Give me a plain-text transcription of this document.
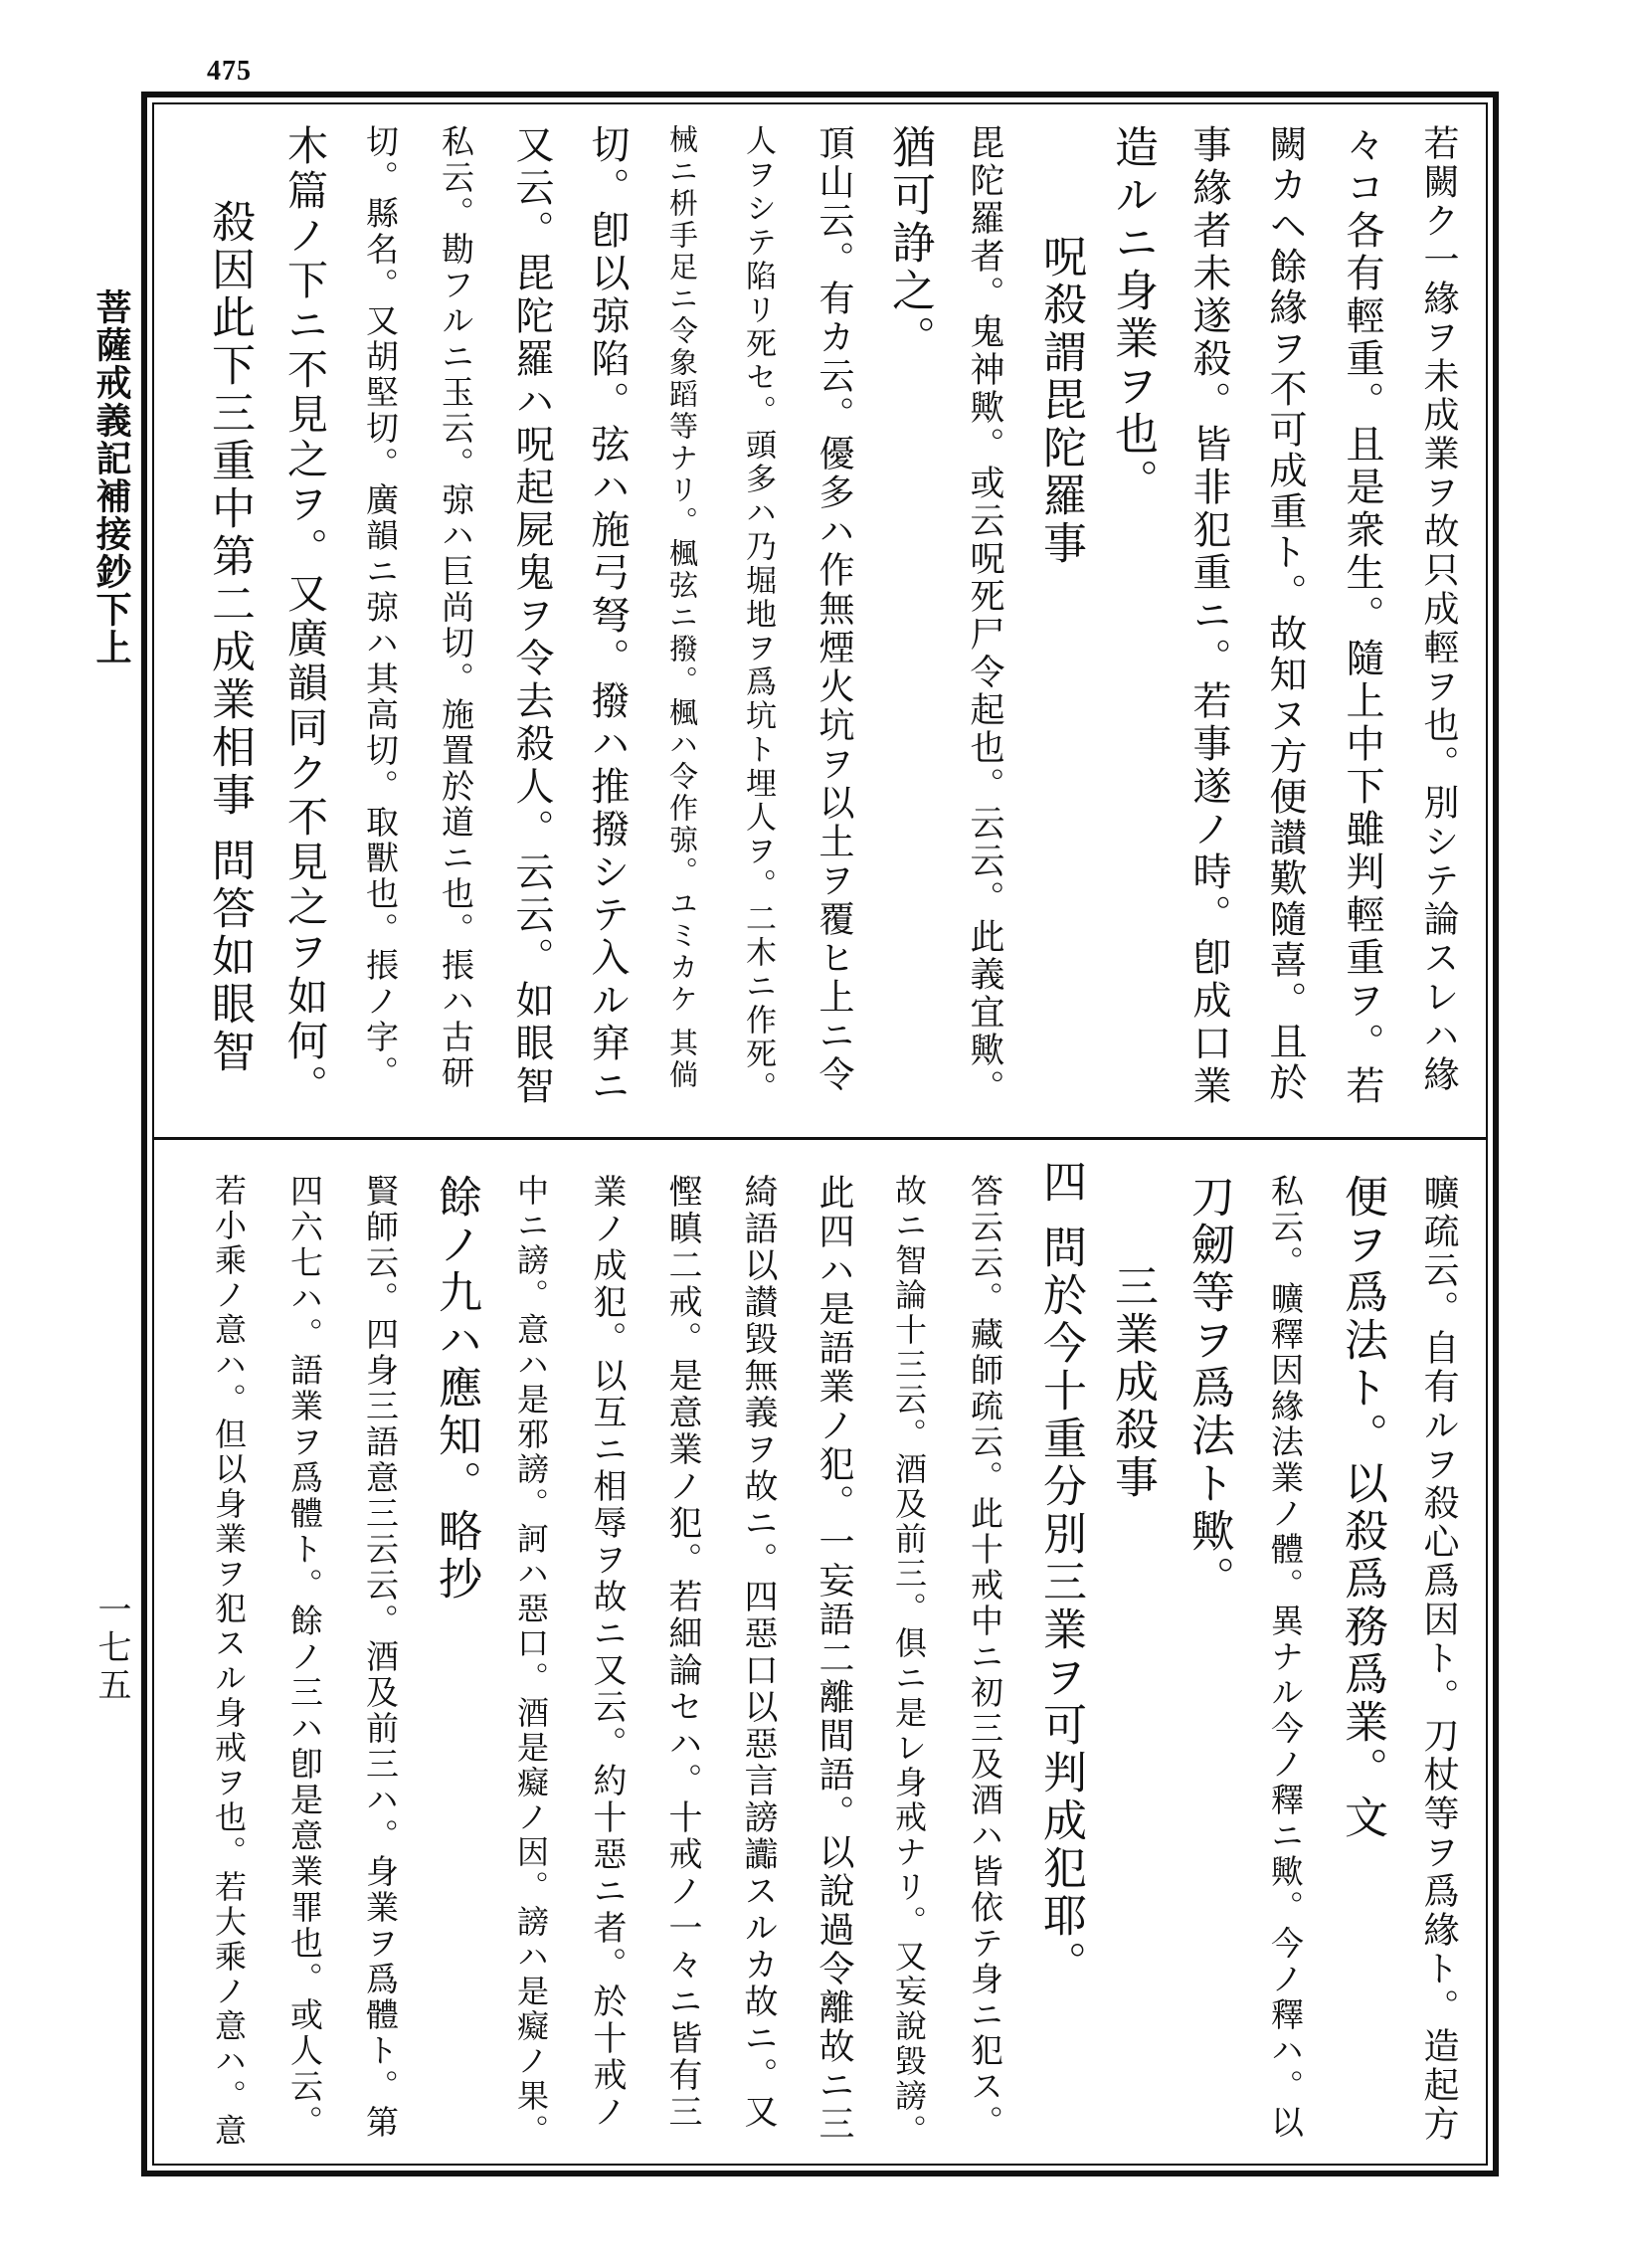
475
菩薩戒義記補接鈔下上
一七五
若闕ク一緣ヲ未成業ヲ故只成輕ヲ也。別シテ論スレハ緣
々コ各有輕重。且是衆生。隨上中下雖判輕重ヲ。若
闕カヘ餘緣ヲ不可成重ト。故知ヌ方便讃歎隨喜。且於
事緣者未遂殺。皆非犯重ニ。若事遂ノ時。卽成口業
造ルニ身業ヲ也。
呪殺謂毘陀羅事
毘陀羅者。鬼神歟。或云呪死尸令起也。云云。此義宜歟。
猶可諍之。
頂山云。有カ云。優多ハ作無煙火坑ヲ以土ヲ覆ヒ上ニ令
人ヲシテ陷リ死セ。頭多ハ乃堀地ヲ爲坑ト埋人ヲ。二木ニ作死。
械ニ枡手足ニ令象蹈等ナリ。楓弦ニ撥。楓ハ令作弶。ユミカケ 其倘
切。卽以弶陷。弦ハ施弓弩。撥ハ推撥シテ入ル穽ニ
又云。毘陀羅ハ呪起屍鬼ヲ令去殺人。云云。如眼智
私云。勘フルニ玉云。弶ハ巨尚切。施置於道ニ也。掁ハ古研
切。縣名。又胡堅切。廣韻ニ弶ハ其高切。取獸也。掁ノ字。
木篇ノ下ニ不見之ヲ。又廣韻同ク不見之ヲ如何。
殺因此下三重中第二成業相事 問答如眼智
曠疏云。自有ルヲ殺心爲因ト。刀杖等ヲ爲緣ト。造起方
便ヲ爲法ト。以殺爲務爲業。文
私云。曠釋因緣法業ノ體。異ナル今ノ釋ニ歟。今ノ釋ハ。以
刀劒等ヲ爲法ト歟。
三業成殺事
四 問於今十重分別三業ヲ可判成犯耶。
答云云。藏師疏云。此十戒中ニ初三及酒ハ皆依テ身ニ犯ス。
故ニ智論十三云。酒及前三。俱ニ是レ身戒ナリ。又妄說毀謗。
此四ハ是語業ノ犯。一妄語二離間語。以說過令離故ニ三
綺語以讃毀無義ヲ故ニ。四惡口以惡言謗讟スルカ故ニ。又
慳瞋二戒。是意業ノ犯。若細論セハ。十戒ノ一々ニ皆有三
業ノ成犯。以互ニ相辱ヲ故ニ又云。約十惡ニ者。於十戒ノ
中ニ謗。意ハ是邪謗。訶ハ惡口。酒是癡ノ因。謗ハ是癡ノ果。
餘ノ九ハ應知。略抄
賢師云。四身三語意三云云。酒及前三ハ。身業ヲ爲體ト。第
四六七ハ。語業ヲ爲體ト。餘ノ三ハ卽是意業罪也。或人云。
若小乘ノ意ハ。但以身業ヲ犯スル身戒ヲ也。若大乘ノ意ハ。意
